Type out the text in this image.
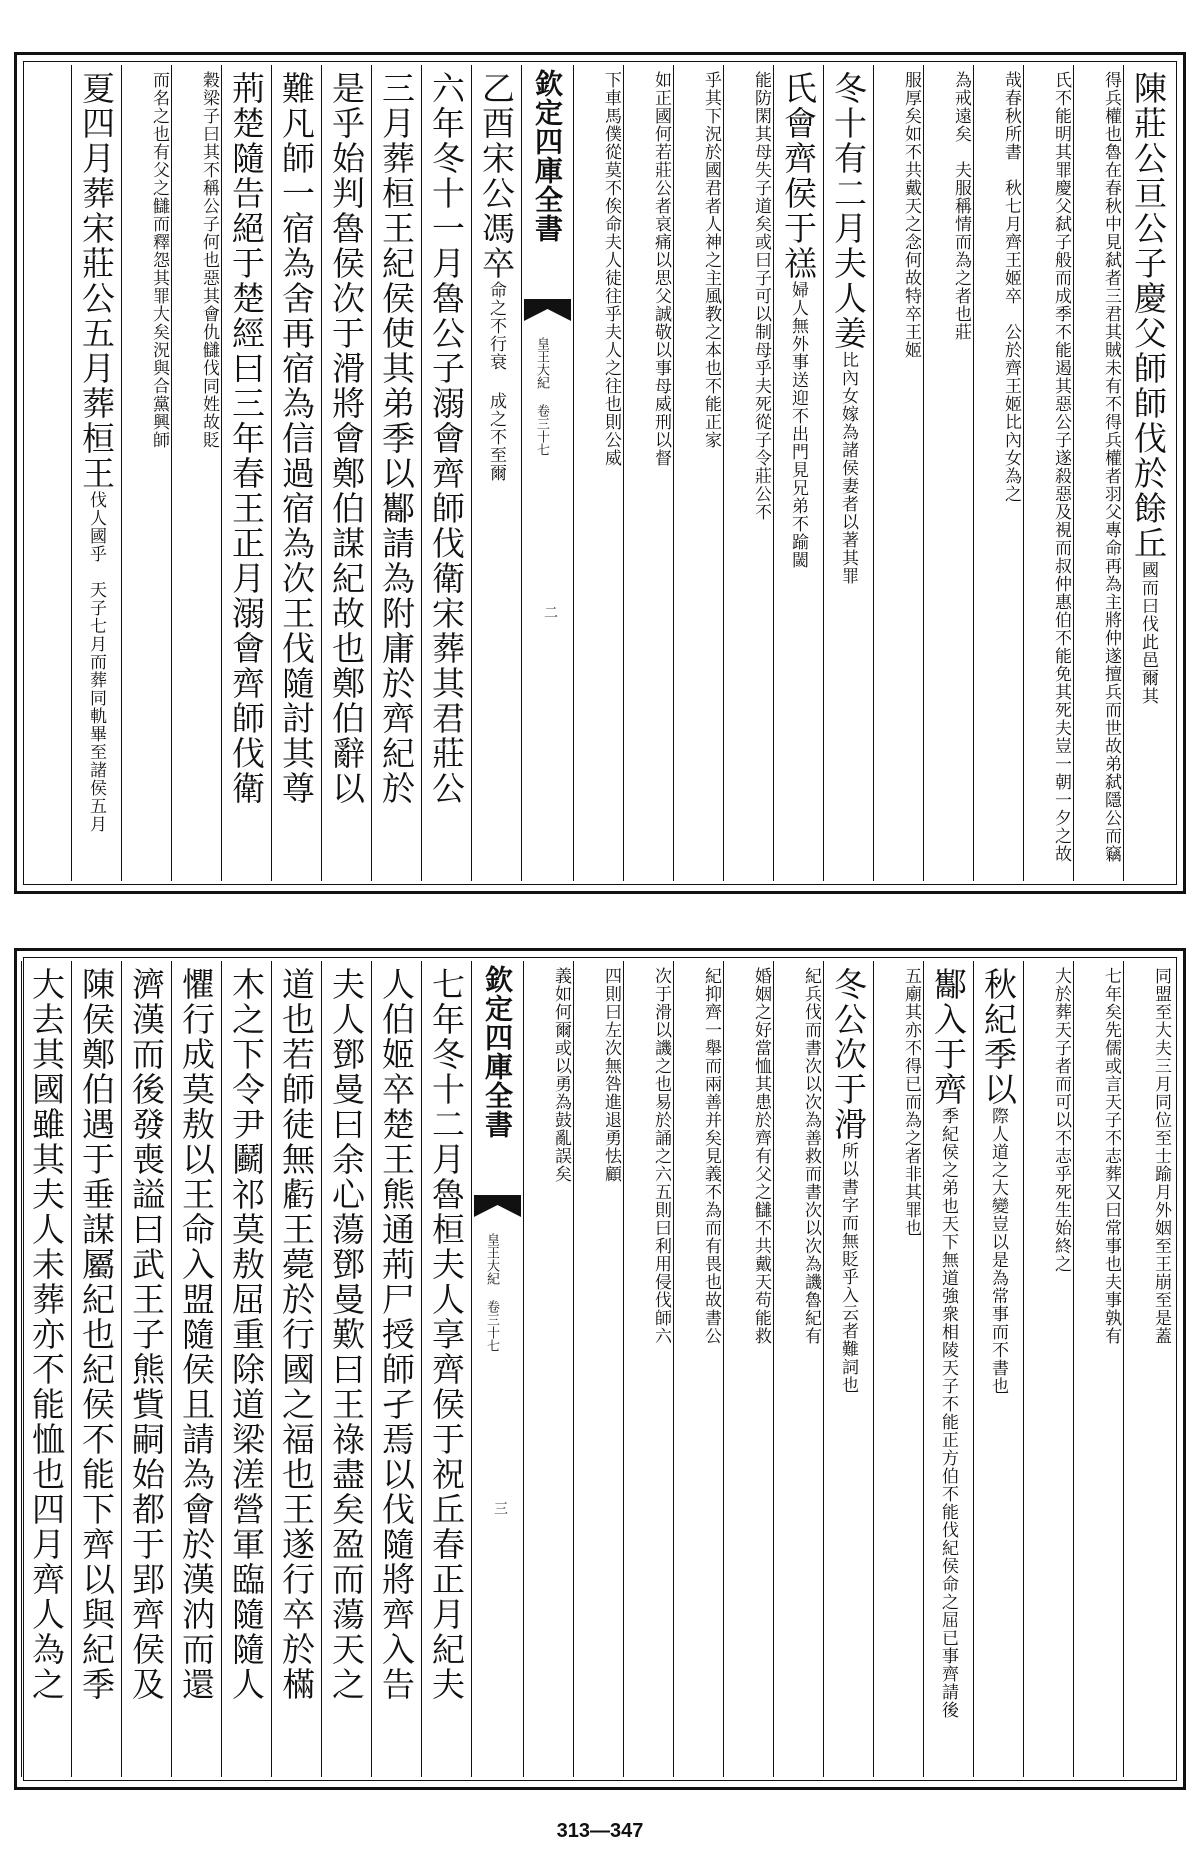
陳莊公亘公子慶父師師伐於餘丘國而曰伐此邑爾其
得兵權也魯在春秋中見弑者三君其賊未有不得兵權者羽父專命再為主將仲遂擅兵而世故弟弑隱公而竊
氏不能明其罪慶父弑子般而成季不能遏其惡公子遂殺惡及視而叔仲惠伯不能免其死夫豈一朝一夕之故
哉春秋所書　秋七月齊王姬卒　公於齊王姬比內女為之
為戒遠矣　夫服稱情而為之者也莊
服厚矣如不共戴天之念何故特卒王姬
冬十有二月夫人姜比內女嫁為諸侯妻者以著其罪
氏會齊侯于禚婦人無外事送迎不出門見兄弟不踰閾
能防閑其母失子道矣或曰子可以制母乎夫死從子令莊公不
乎其下況於國君者人神之主風教之本也不能正家
如正國何若莊公者哀痛以思父誠敬以事母威刑以督
下車馬僕從莫不俟命夫人徒往乎夫人之往也則公威
欽定四庫全書
皇王大紀 卷三十七
二
乙酉宋公馮卒命之不行衰 成之不至爾
六年冬十一月魯公子溺會齊師伐衛宋葬其君莊公
三月葬桓王紀侯使其弟季以酅請為附庸於齊紀於
是乎始判魯侯次于滑將會鄭伯謀紀故也鄭伯辭以
難凡師一宿為舍再宿為信過宿為次王伐隨討其尊
荊楚隨告絕于楚經曰三年春王正月溺會齊師伐衛
穀梁子曰其不稱公子何也惡其會仇讎伐同姓故貶
而名之也有父之讎而釋怨其罪大矣況與合黨興師
夏四月葬宋莊公五月葬桓王伐人國乎　天子七月而葬同軌畢至諸侯五月
同盟至大夫三月同位至士踰月外姻至王崩至是蓋
七年矣先儒或言天子不志葬又曰常事也夫事孰有
大於葬天子者而可以不志乎死生始終之
秋紀季以際人道之大變豈以是為常事而不書也
酅入于齊季紀侯之弟也天下無道強衆相陵天子不能正方伯不能伐紀侯命之屈已事齊請後
五廟其亦不得已而為之者非其罪也
冬公次于滑所以書字而無貶乎入云者難詞也
紀兵伐而書次以次為善救而書次以次為譏魯紀有
婚姻之好當恤其患於齊有父之讎不共戴天苟能救
紀抑齊一舉而兩善并矣見義不為而有畏也故書公
次于滑以譏之也易於誦之六五則曰利用侵伐師六
四則曰左次無咎進退勇怯顧
義如何爾或以勇為鼓亂誤矣
欽定四庫全書
皇王大紀 卷三十七
三
七年冬十二月魯桓夫人享齊侯于祝丘春正月紀夫
人伯姬卒楚王熊通荊尸授師孑焉以伐隨將齊入告
夫人鄧曼曰余心蕩鄧曼歎曰王祿盡矣盈而蕩天之
道也若師徒無虧王薨於行國之福也王遂行卒於樠
木之下令尹鬬祁莫敖屈重除道梁溠營軍臨隨隨人
懼行成莫敖以王命入盟隨侯且請為會於漢汭而還
濟漢而後發喪謚曰武王子熊貲嗣始都于郢齊侯及
陳侯鄭伯遇于垂謀屬紀也紀侯不能下齊以與紀季
大去其國雖其夫人未葬亦不能恤也四月齊人為之
313—347
